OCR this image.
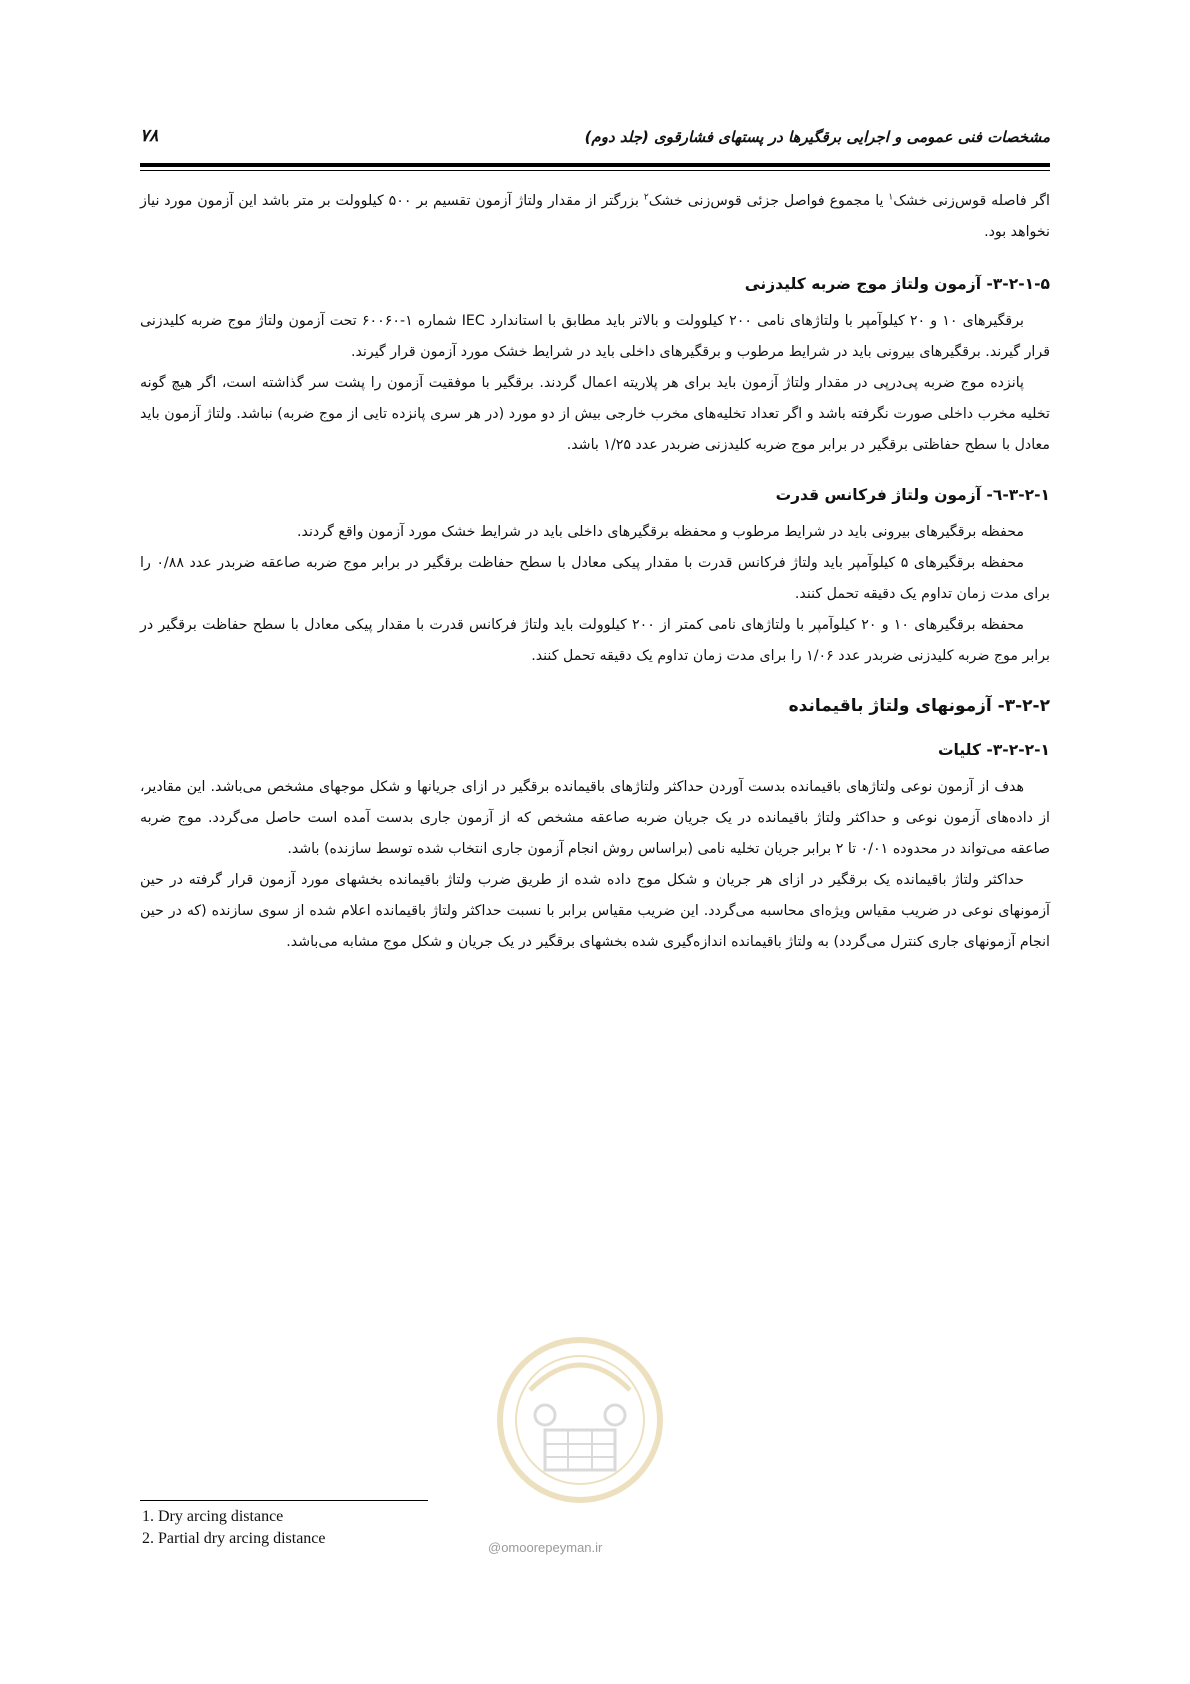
مشخصات فنی عمومی و اجرایی برقگیرها در پستهای فشارقوی (جلد دوم)
۷۸

اگر فاصله قوس‌زنی خشک$^۱$ یا مجموع فواصل جزئی قوس‌زنی خشک$^۲$ بزرگتر از مقدار ولتاژ آزمون تقسیم بر ۵۰۰ کیلوولت بر متر باشد این آزمون مورد نیاز نخواهد بود.

۳-۲-۱-۵- آزمون ولتاژ موج ضربه کلیدزنی

برقگیرهای ۱۰ و ۲۰ کیلوآمپر با ولتاژهای نامی ۲۰۰ کیلوولت و بالاتر باید مطابق با استاندارد IEC شماره ۱-۶۰۰۶۰ تحت آزمون ولتاژ موج ضربه کلیدزنی قرار گیرند. برقگیرهای بیرونی باید در شرایط مرطوب و برقگیرهای داخلی باید در شرایط خشک مورد آزمون قرار گیرند.

پانزده موج ضربه پی‌درپی در مقدار ولتاژ آزمون باید برای هر پلاریته اعمال گردند. برقگیر با موفقیت آزمون را پشت سر گذاشته است، اگر هیچ گونه تخلیه مخرب داخلی صورت نگرفته باشد و اگر تعداد تخلیه‌های مخرب خارجی بیش از دو مورد (در هر سری پانزده تایی از موج ضربه) نباشد. ولتاژ آزمون باید معادل با سطح حفاظتی برقگیر در برابر موج ضربه کلیدزنی ضربدر عدد ۱/۲۵ باشد.

۳-۲-۱-٦- آزمون ولتاژ فرکانس قدرت

محفظه برقگیرهای بیرونی باید در شرایط مرطوب و محفظه برقگیرهای داخلی باید در شرایط خشک مورد آزمون واقع گردند.

محفظه برقگیرهای ۵ کیلوآمپر باید ولتاژ فرکانس قدرت با مقدار پیکی معادل با سطح حفاظت برقگیر در برابر موج ضربه صاعقه ضربدر عدد ۰/۸۸ را برای مدت زمان تداوم یک دقیقه تحمل کنند.

محفظه برقگیرهای ۱۰ و ۲۰ کیلوآمپر با ولتاژهای نامی کمتر از ۲۰۰ کیلوولت باید ولتاژ فرکانس قدرت با مقدار پیکی معادل با سطح حفاظت برقگیر در برابر موج ضربه کلیدزنی ضربدر عدد ۱/۰۶ را برای مدت زمان تداوم یک دقیقه تحمل کنند.

۳-۲-۲- آزمونهای ولتاژ باقیمانده

۳-۲-۲-۱- کلیات

هدف از آزمون نوعی ولتاژهای باقیمانده بدست آوردن حداکثر ولتاژهای باقیمانده برقگیر در ازای جریانها و شکل موجهای مشخص می‌باشد. این مقادیر، از داده‌های آزمون نوعی و حداکثر ولتاژ باقیمانده در یک جریان ضربه صاعقه مشخص که از آزمون جاری بدست آمده است حاصل می‌گردد. موج ضربه صاعقه می‌تواند در محدوده ۰/۰۱ تا ۲ برابر جریان تخلیه نامی (براساس روش انجام آزمون جاری انتخاب شده توسط سازنده) باشد.

حداکثر ولتاژ باقیمانده یک برقگیر در ازای هر جریان و شکل موج داده شده از طریق ضرب ولتاژ باقیمانده بخشهای مورد آزمون قرار گرفته در حین آزمونهای نوعی در ضریب مقیاس ویژه‌ای محاسبه می‌گردد. این ضریب مقیاس برابر با نسبت حداکثر ولتاژ باقیمانده اعلام شده از سوی سازنده (که در حین انجام آزمونهای جاری کنترل می‌گردد) به ولتاژ باقیمانده اندازه‌گیری شده بخشهای برقگیر در یک جریان و شکل موج مشابه می‌باشد.

@omoorepeyman.ir
1. Dry arcing distance
2. Partial dry arcing distance
